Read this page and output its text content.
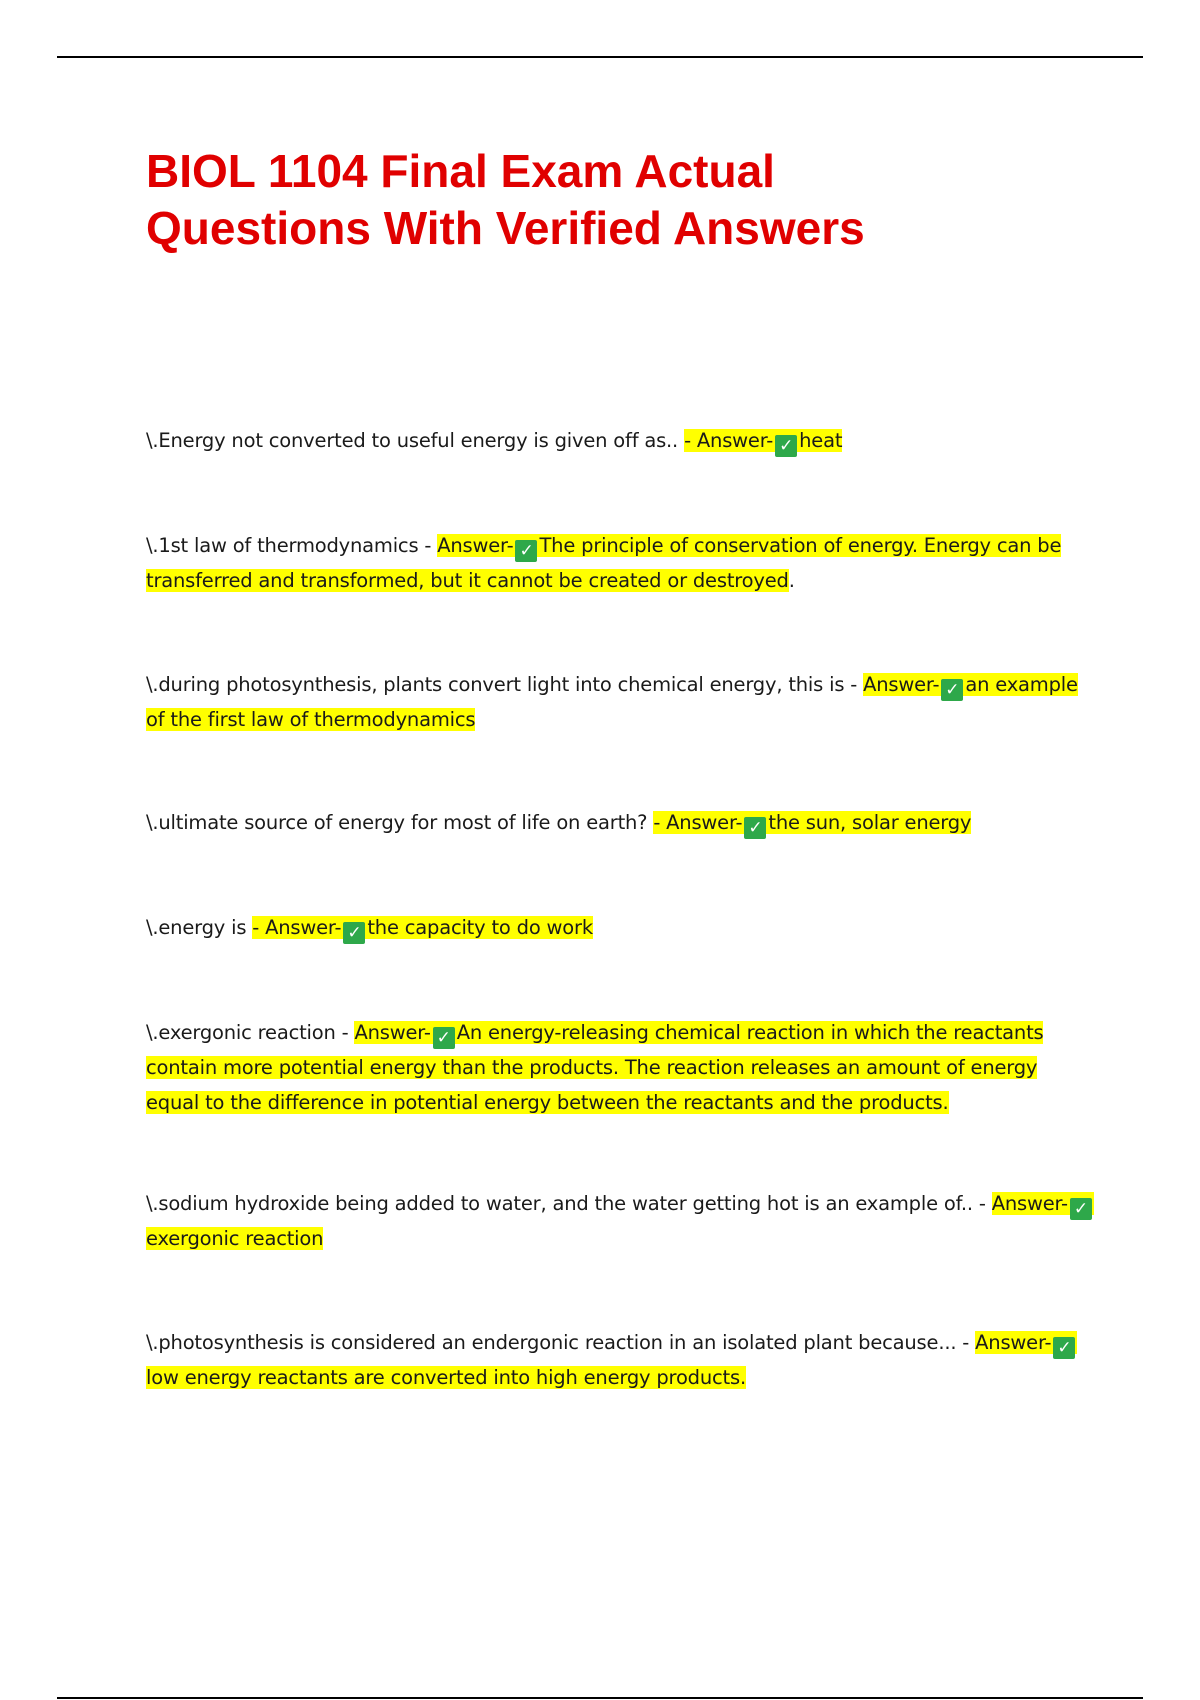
BIOL 1104 Final Exam Actual
Questions With Verified Answers

\.Energy not converted to useful energy is given off as.. - Answer- ✓ heat

\.1st law of thermodynamics - Answer- ✓ The principle of conservation of energy. Energy can be transferred and transformed, but it cannot be created or destroyed.

\.during photosynthesis, plants convert light into chemical energy, this is - Answer- ✓ an example of the first law of thermodynamics

\.ultimate source of energy for most of life on earth? - Answer- ✓ the sun, solar energy

\.energy is - Answer- ✓ the capacity to do work

\.exergonic reaction - Answer- ✓ An energy-releasing chemical reaction in which the reactants contain more potential energy than the products. The reaction releases an amount of energy equal to the difference in potential energy between the reactants and the products.

\.sodium hydroxide being added to water, and the water getting hot is an example of.. - Answer- ✓exergonic reaction

\.photosynthesis is considered an endergonic reaction in an isolated plant because... - Answer- ✓low energy reactants are converted into high energy products.
